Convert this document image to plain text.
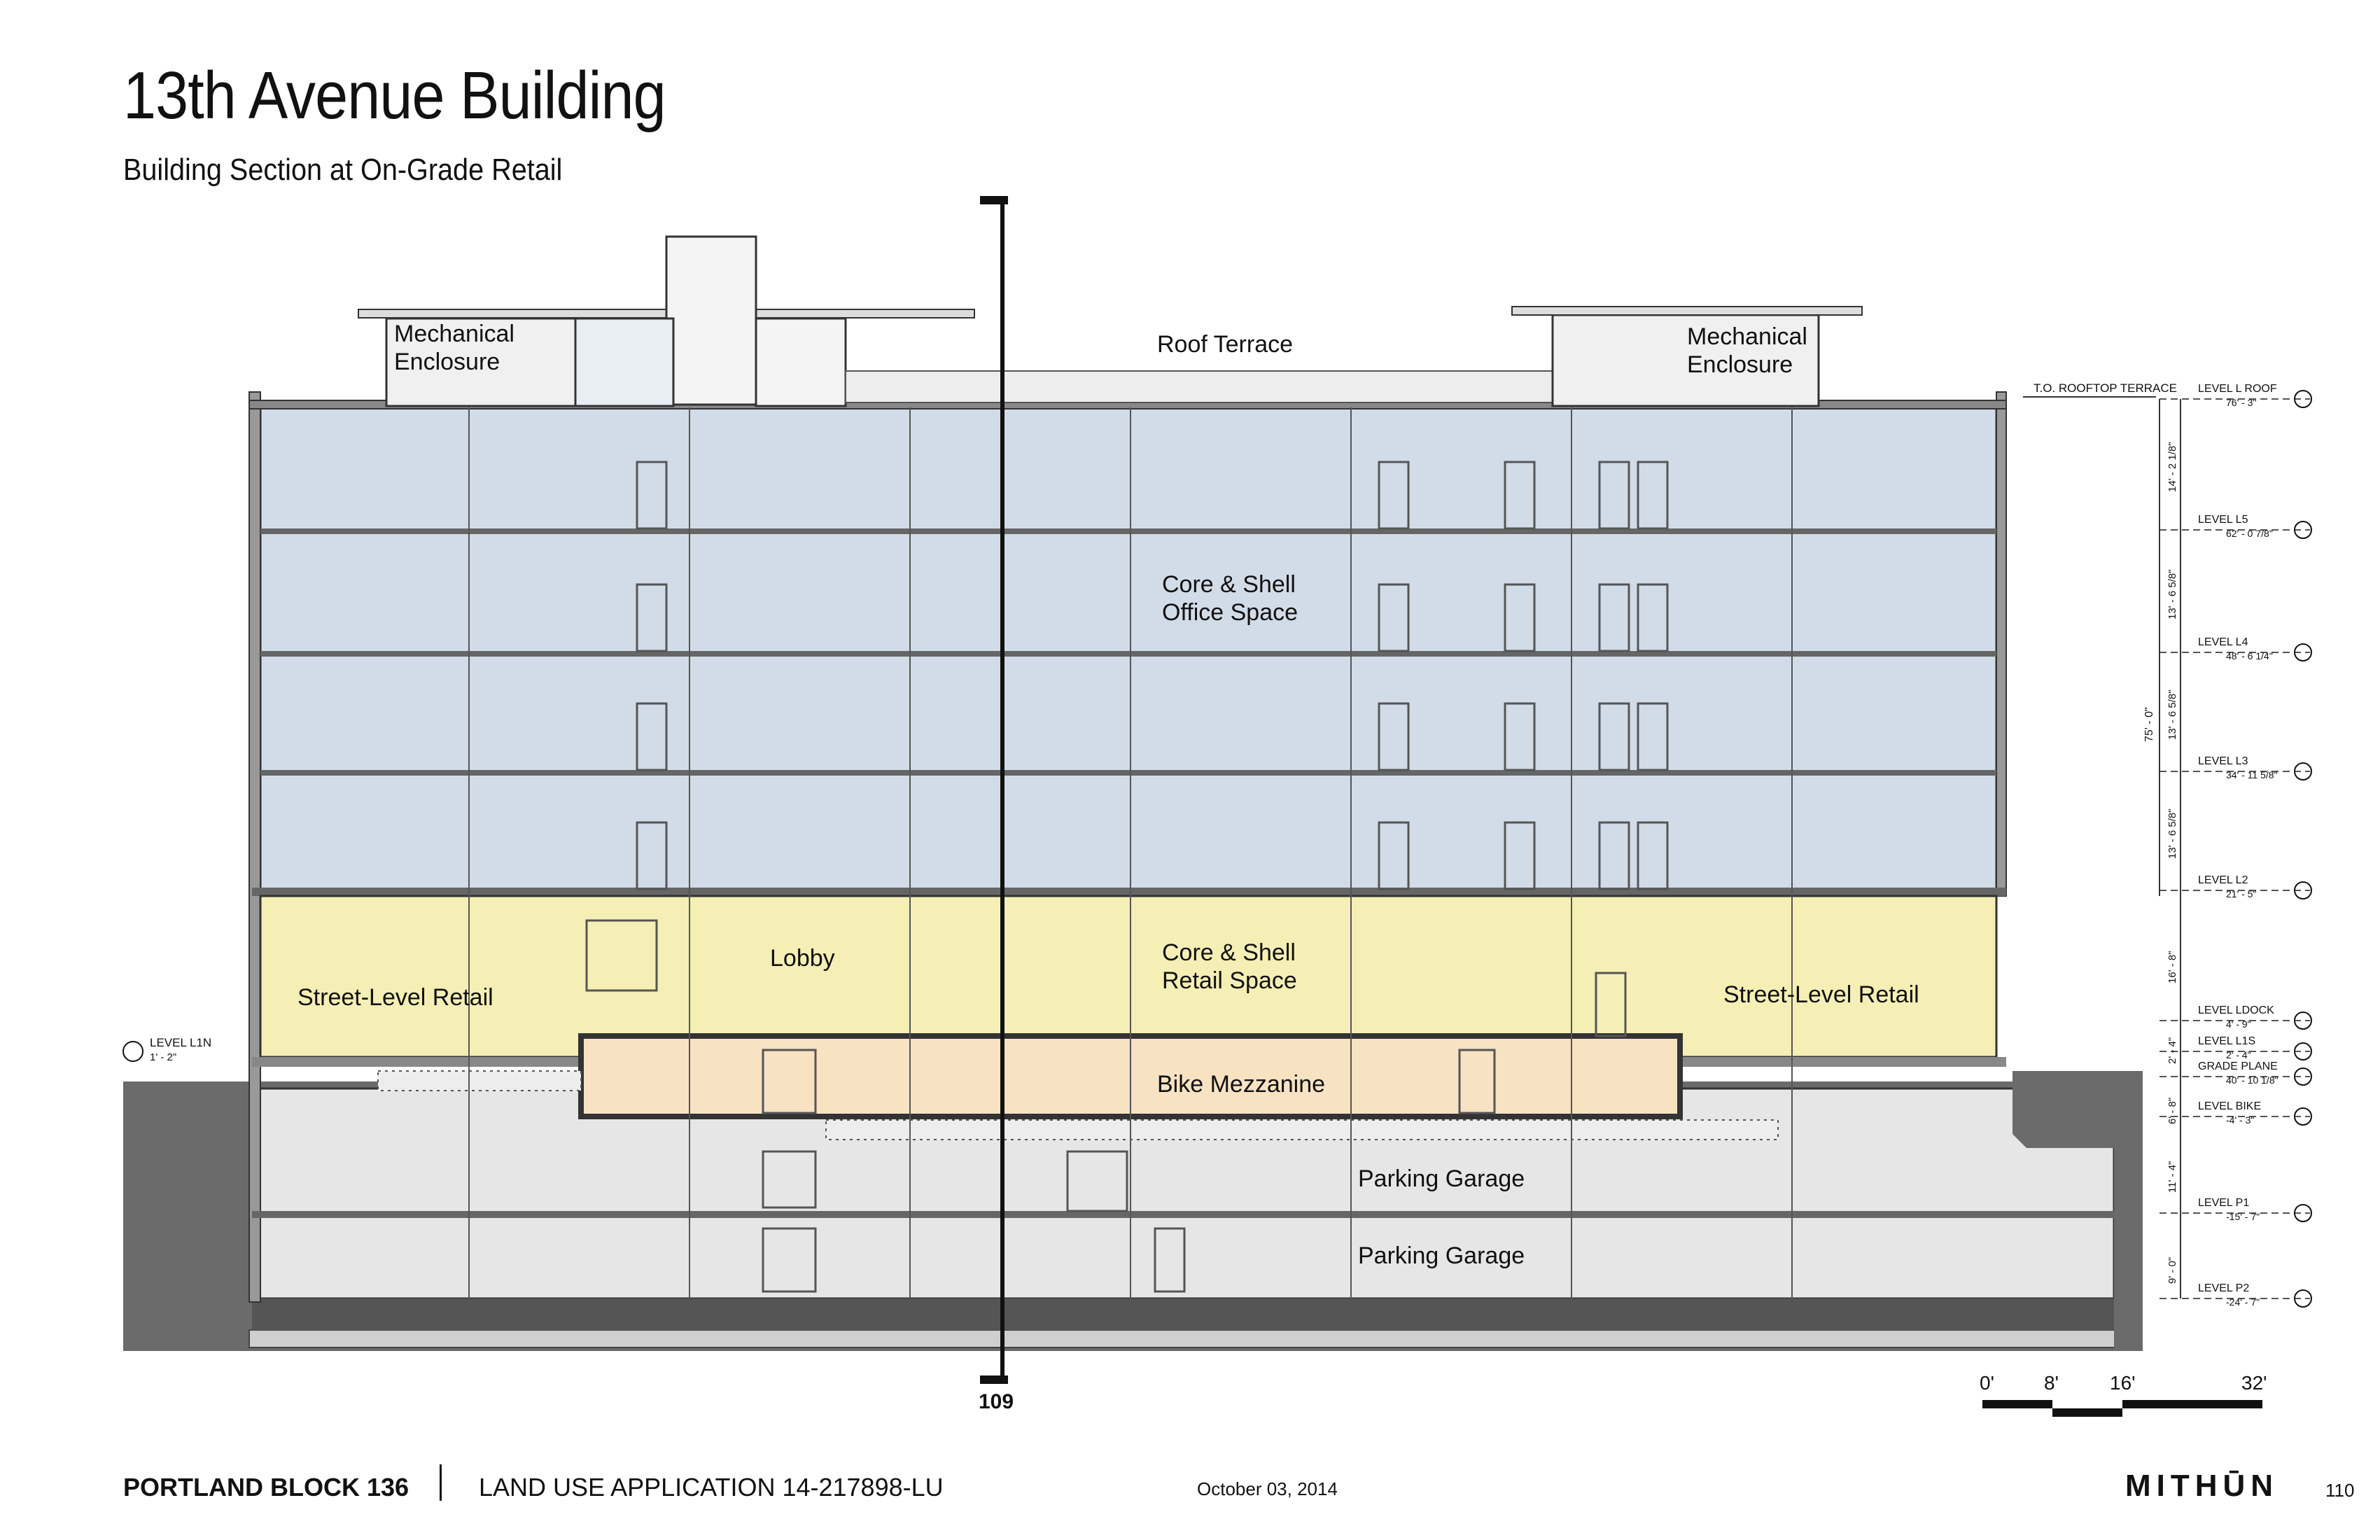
13th Avenue Building
Building Section at On-Grade Retail
109
Mechanical
Enclosure
Mechanical
Enclosure
Roof Terrace
Core & Shell
Office Space
Core & Shell
Retail Space
Lobby
Street-Level Retail	Street-Level Retail
Bike Mezzanine
Parking Garage
Parking Garage
LEVEL L ROOF
76' - 3"
LEVEL L5
62' - 0 7/8"
LEVEL L4
48' - 6 1/4"
LEVEL L3
34' - 11 5/8"
LEVEL L2
21' - 5"
LEVEL LDOCK
4' - 9"
LEVEL L1S
2' - 4"
GRADE PLANE
40' - 10 1/8"
LEVEL BIKE
-4' - 3"
LEVEL P1
-15' - 7"
LEVEL P2
-24' - 7"
T.O. ROOFTOP TERRACE
LEVEL L1N
1' - 2"
75' - 0"
14' - 2 1/8"
13' - 6 5/8"
13' - 6 5/8"
13' - 6 5/8"
16' - 8"
2' - 4"
6' - 8"
11' - 4"
9' - 0"
0'	8'	16'	32'
PORTLAND BLOCK 136	LAND USE APPLICATION 14-217898-LU	October 03, 2014	MITHŪN	110
